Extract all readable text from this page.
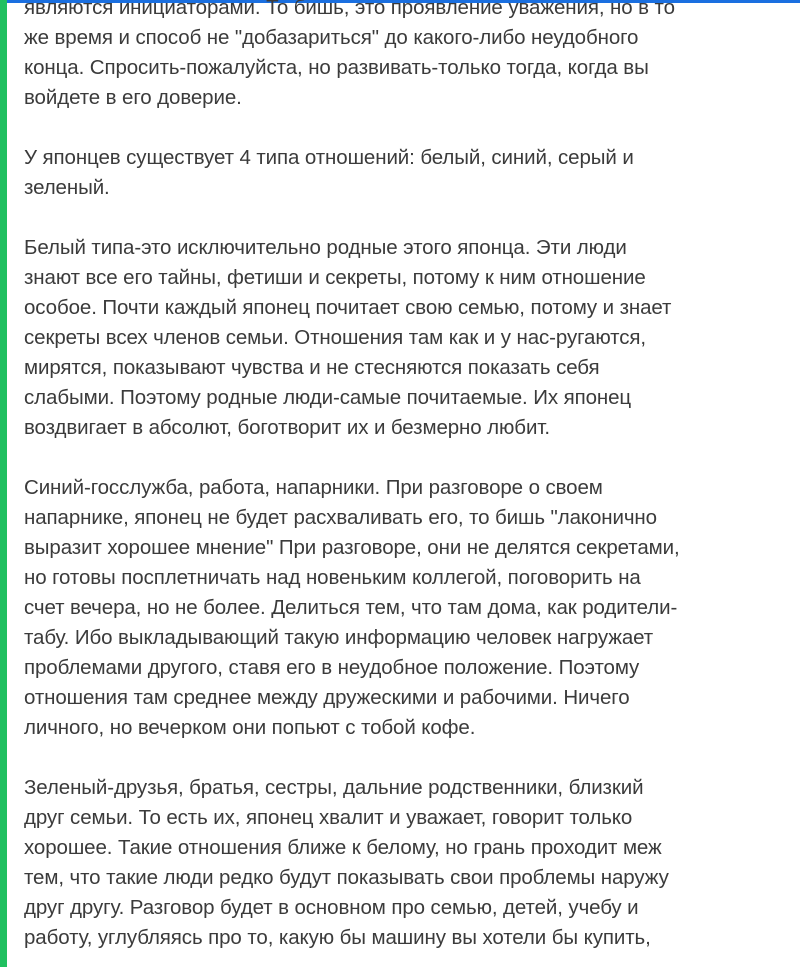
являются инициаторами. То бишь, это проявление уважения, но в то
же время и способ не "добазариться" до какого-либо неудобного
конца. Спросить-пожалуйста, но развивать-только тогда, когда вы
войдете в его доверие.

У японцев существует 4 типа отношений: белый, синий, серый и
зеленый.

Белый типа-это исключительно родные этого японца. Эти люди
знают все его тайны, фетиши и секреты, потому к ним отношение
особое. Почти каждый японец почитает свою семью, потому и знает
секреты всех членов семьи. Отношения там как и у нас-ругаются,
мирятся, показывают чувства и не стесняются показать себя
слабыми. Поэтому родные люди-самые почитаемые. Их японец
воздвигает в абсолют, боготворит их и безмерно любит.

Синий-госслужба, работа, напарники. При разговоре о своем
напарнике, японец не будет расхваливать его, то бишь "лаконично
выразит хорошее мнение" При разговоре, они не делятся секретами,
но готовы посплетничать над новеньким коллегой, поговорить на
счет вечера, но не более. Делиться тем, что там дома, как родители-
табу. Ибо выкладывающий такую информацию человек нагружает
проблемами другого, ставя его в неудобное положение. Поэтому
отношения там среднее между дружескими и рабочими. Ничего
личного, но вечерком они попьют с тобой кофе.

Зеленый-друзья, братья, сестры, дальние родственники, близкий
друг семьи. То есть их, японец хвалит и уважает, говорит только
хорошее. Такие отношения ближе к белому, но грань проходит меж
тем, что такие люди редко будут показывать свои проблемы наружу
друг другу. Разговор будет в основном про семью, детей, учебу и
работу, углубляясь про то, какую бы машину вы хотели бы купить,
